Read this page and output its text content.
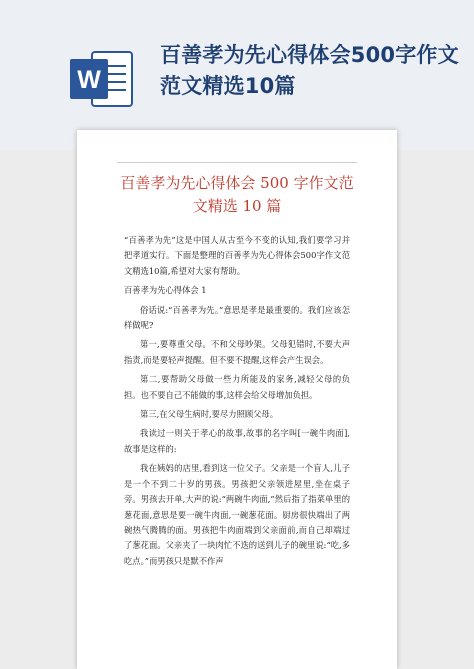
W
百善孝为先心得体会500字作文范文精选10篇
百善孝为先心得体会 500 字作文范文精选 10 篇

“百善孝为先”这是中国人从古至今不变的认知,我们要学习并把孝道实行。下面是整理的百善孝为先心得体会500字作文范文精选10篇,希望对大家有帮助。

百善孝为先心得体会 1

俗话说:“百善孝为先。”意思是孝是最重要的。我们应该怎样做呢?

第一,要尊重父母。不和父母吵架。父母犯错时,不要大声指责,而是要轻声提醒。但不要不提醒,这样会产生误会。

第二,要帮助父母做一些力所能及的家务,减轻父母的负担。也不要自己不能做的事,这样会给父母增加负担。

第三,在父母生病时,要尽力照顾父母。

我读过一则关于孝心的故事,故事的名字叫[一碗牛肉面],故事是这样的:

我在姨妈的店里,看到这一位父子。父亲是一个盲人,儿子是一个不到二十岁的男孩。男孩把父亲领进屋里,坐在桌子旁。男孩去开单,大声的说:“两碗牛肉面,”然后指了指菜单里的葱花面,意思是要一碗牛肉面,一碗葱花面。厨房很快端出了两碗热气腾腾的面。男孩把牛肉面端到父亲面前,而自己却端过了葱花面。父亲夹了一块肉忙不迭的送到儿子的碗里说:“吃,多吃点。”而男孩只是默不作声
